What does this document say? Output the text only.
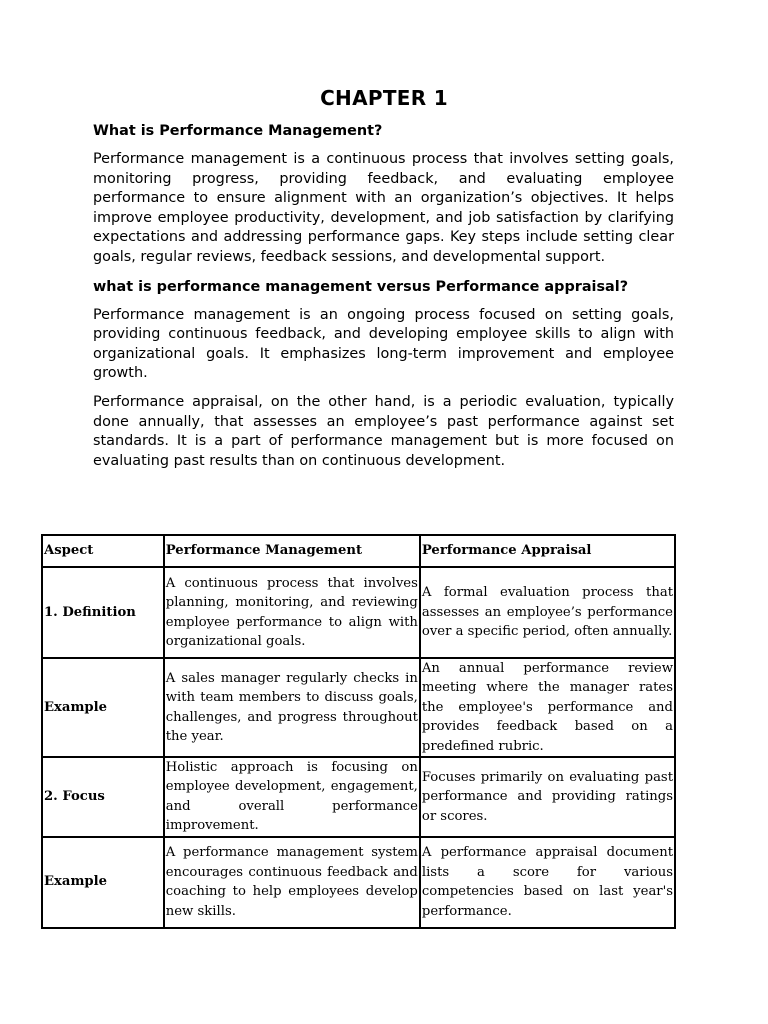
CHAPTER 1
What is Performance Management?

Performance management is a continuous process that involves setting goals, monitoring progress, providing feedback, and evaluating employee performance to ensure alignment with an organization’s objectives. It helps improve employee productivity, development, and job satisfaction by clarifying expectations and addressing performance gaps. Key steps include setting clear goals, regular reviews, feedback sessions, and developmental support.

what is performance management versus Performance appraisal?

Performance management is an ongoing process focused on setting goals, providing continuous feedback, and developing employee skills to align with organizational goals. It emphasizes long-term improvement and employee growth.

Performance appraisal, on the other hand, is a periodic evaluation, typically done annually, that assesses an employee’s past performance against set standards. It is a part of performance management but is more focused on evaluating past results than on continuous development.

Aspect	Performance Management	Performance Appraisal
1. Definition	A continuous process that involves planning, monitoring, and reviewing employee performance to align with organizational goals.	A formal evaluation process that assesses an employee’s performance over a specific period, often annually.
Example	A sales manager regularly checks in with team members to discuss goals, challenges, and progress throughout the year.	An annual performance review meeting where the manager rates the employee's performance and provides feedback based on a predefined rubric.
2. Focus	Holistic approach is focusing on employee development, engagement, and overall performance improvement.	Focuses primarily on evaluating past performance and providing ratings or scores.
Example	A performance management system encourages continuous feedback and coaching to help employees develop new skills.	A performance appraisal document lists a score for various competencies based on last year's performance.
